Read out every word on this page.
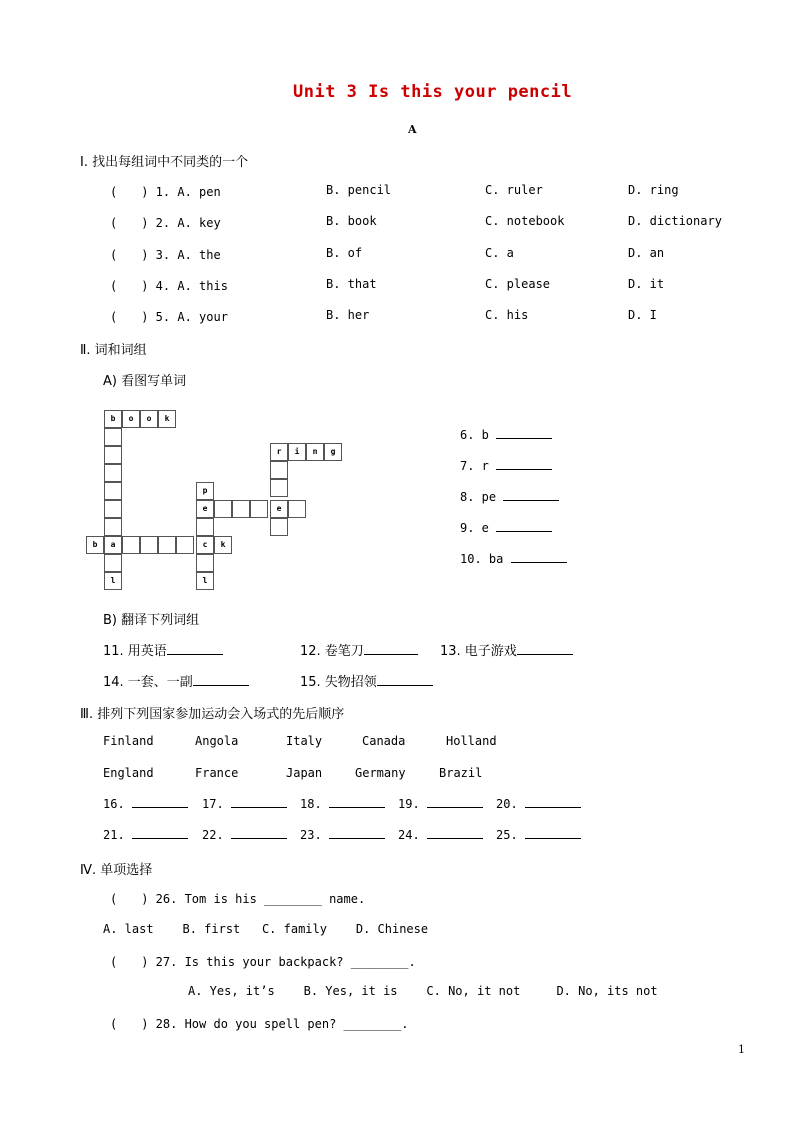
Unit 3 Is this your pencil
A
Ⅰ. 找出每组词中不同类的一个
(　　) 1. A. pen	B. pencil	C. ruler	D. ring
(　　) 2. A. key	B. book	C. notebook	D. dictionary
(　　) 3. A. the	B. of	C. a	D. an
(　　) 4. A. this	B. that	C. please	D. it
(　　) 5. A. your	B. her	C. his	D. I
Ⅱ. 词和词组
A) 看图写单词
b	o	o	k
b	a	c	k
l	l
p
e	e
r	i	n	g
6. b
7. r
8. pe
9. e
10. ba
B) 翻译下列词组
11. 用英语	12. 卷笔刀	13. 电子游戏
14. 一套、一副	15. 失物招领
Ⅲ. 排列下列国家参加运动会入场式的先后顺序
Finland	Angola	Italy	Canada	Holland
England	France	Japan	Germany	Brazil
16.	17.	18.	19.	20.
21.	22.	23.	24.	25.
Ⅳ. 单项选择
(　　) 26. Tom is his ________ name.
A. last    B. first   C. family    D. Chinese
(　　) 27. Is this your backpack? ________.
A. Yes, it’s    B. Yes, it is    C. No, it not     D. No, its not
(　　) 28. How do you spell pen? ________.
1
